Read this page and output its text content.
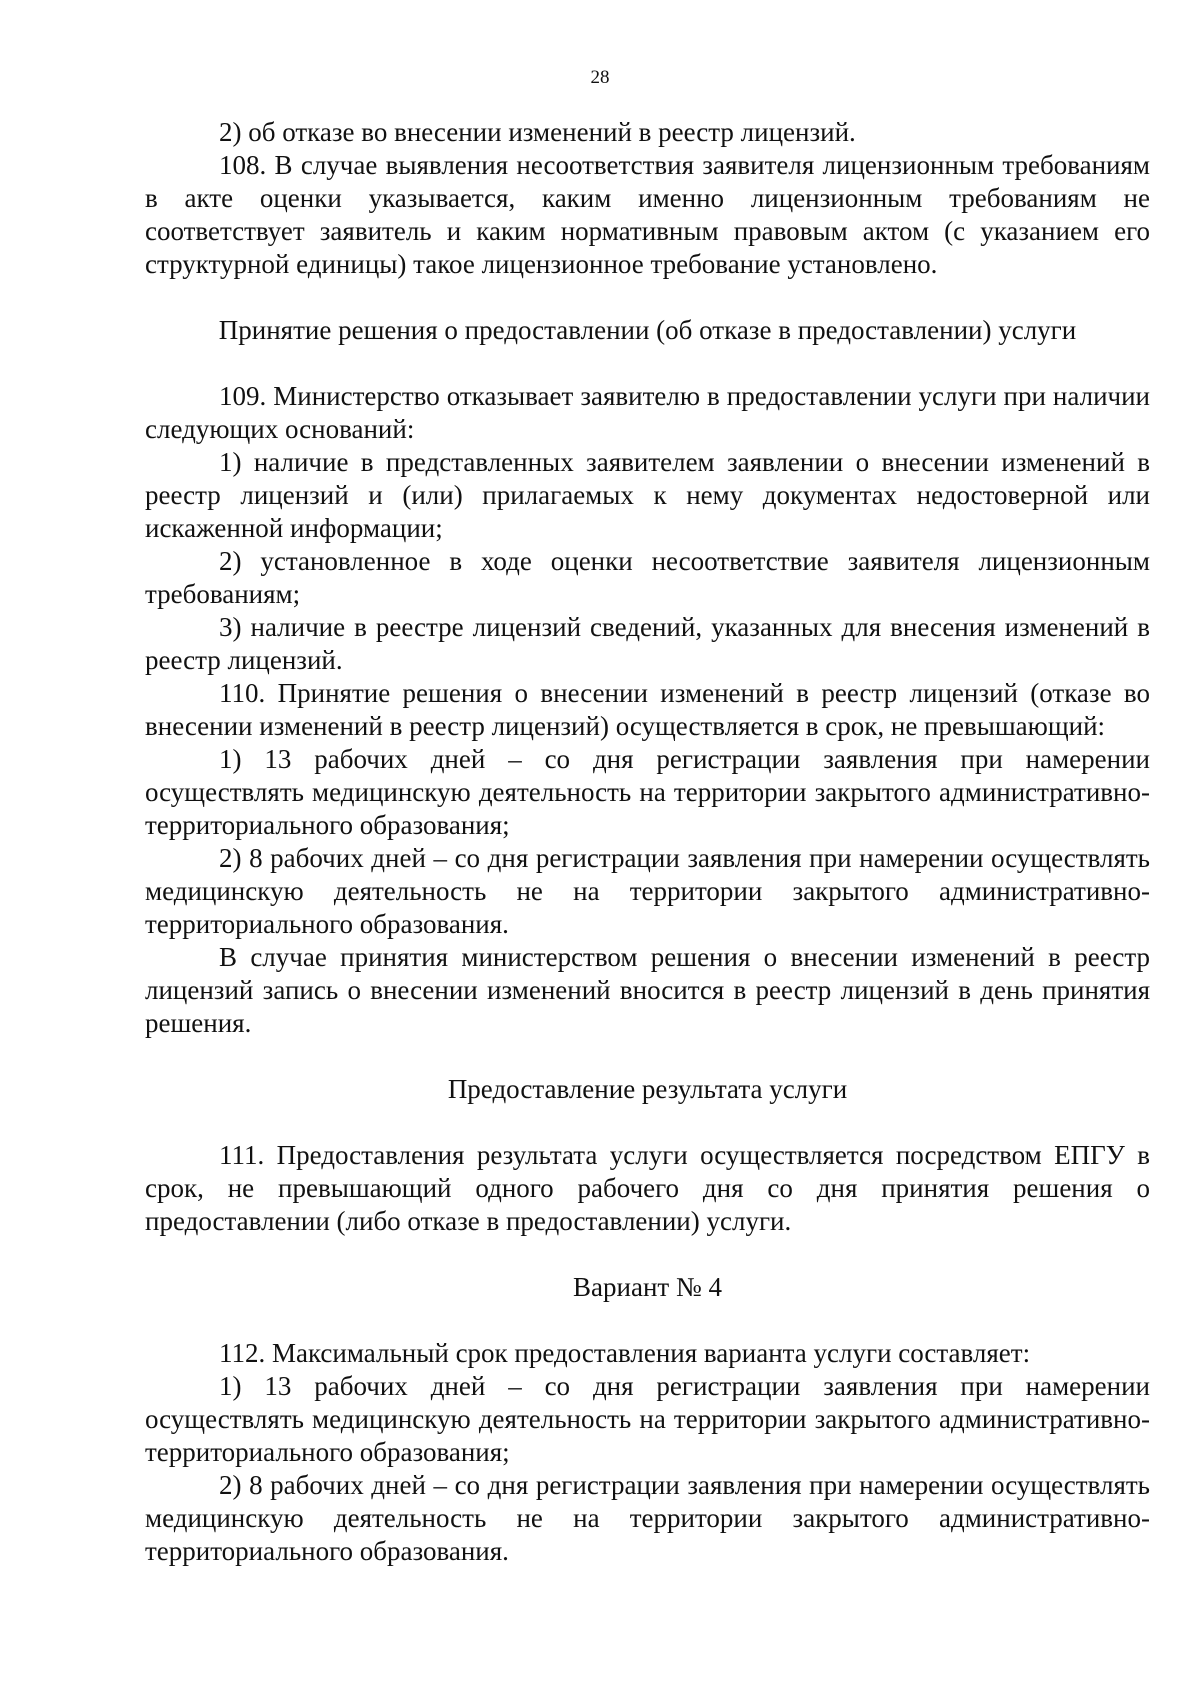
28

2) об отказе во внесении изменений в реестр лицензий.

108. В случае выявления несоответствия заявителя лицензионным требованиям в акте оценки указывается, каким именно лицензионным требованиям не соответствует заявитель и каким нормативным правовым актом (с указанием его структурной единицы) такое лицензионное требование установлено.

Принятие решения о предоставлении (об отказе в предоставлении) услуги

109. Министерство отказывает заявителю в предоставлении услуги при наличии следующих оснований:

1) наличие в представленных заявителем заявлении о внесении изменений в реестр лицензий и (или) прилагаемых к нему документах недостоверной или искаженной информации;

2) установленное в ходе оценки несоответствие заявителя лицензионным требованиям;

3) наличие в реестре лицензий сведений, указанных для внесения изменений в реестр лицензий.

110. Принятие решения о внесении изменений в реестр лицензий (отказе во внесении изменений в реестр лицензий) осуществляется в срок, не превышающий:

1) 13 рабочих дней – со дня регистрации заявления при намерении осуществлять медицинскую деятельность на территории закрытого административно-территориального образования;

2) 8 рабочих дней – со дня регистрации заявления при намерении осуществлять медицинскую деятельность не на территории закрытого административно-территориального образования.

В случае принятия министерством решения о внесении изменений в реестр лицензий запись о внесении изменений вносится в реестр лицензий в день принятия решения.

Предоставление результата услуги

111. Предоставления результата услуги осуществляется посредством ЕПГУ в срок, не превышающий одного рабочего дня со дня принятия решения о предоставлении (либо отказе в предоставлении) услуги.

Вариант № 4

112. Максимальный срок предоставления варианта услуги составляет:

1) 13 рабочих дней – со дня регистрации заявления при намерении осуществлять медицинскую деятельность на территории закрытого административно-территориального образования;

2) 8 рабочих дней – со дня регистрации заявления при намерении осуществлять медицинскую деятельность не на территории закрытого административно-территориального образования.
